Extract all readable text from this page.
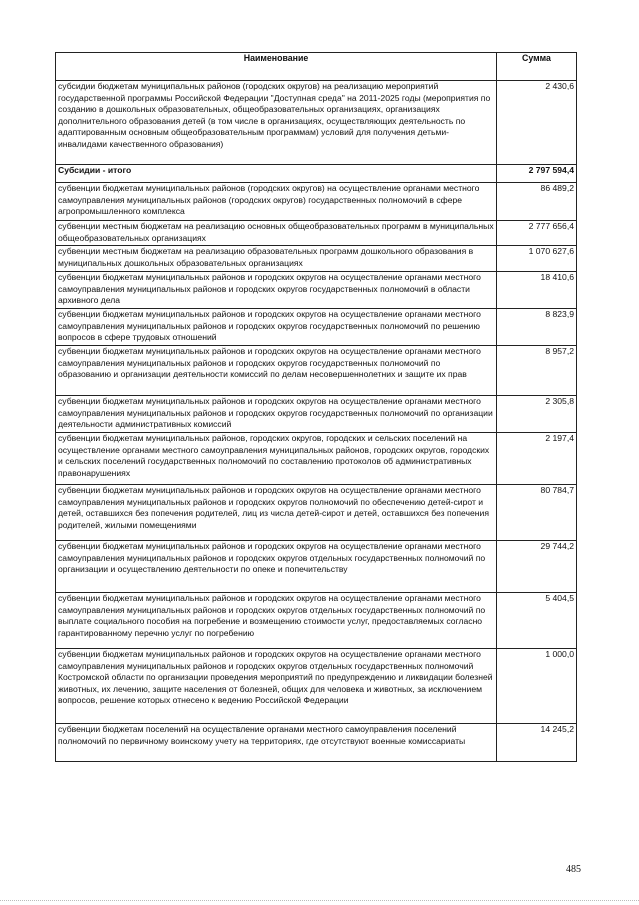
Наименование	Сумма
субсидии бюджетам муниципальных районов (городских округов) на реализацию мероприятий государственной программы Российской Федерации "Доступная среда" на 2011-2025 годы (мероприятия по созданию в дошкольных образовательных, общеобразовательных организациях, организациях дополнительного образования детей (в том числе в организациях, осуществляющих деятельность по адаптированным основным общеобразовательным программам) условий для получения детьми-инвалидами качественного образования)	2 430,6
Субсидии - итого	2 797 594,4
субвенции бюджетам муниципальных районов (городских округов) на осуществление органами местного самоуправления муниципальных районов (городских округов) государственных полномочий в сфере агропромышленного комплекса	86 489,2
субвенции местным бюджетам на реализацию основных общеобразовательных программ в муниципальных общеобразовательных организациях	2 777 656,4
субвенции местным бюджетам на реализацию образовательных программ дошкольного образования в муниципальных дошкольных образовательных организациях	1 070 627,6
субвенции бюджетам муниципальных районов и городских округов на осуществление органами местного самоуправления муниципальных районов и городских округов государственных полномочий в области архивного дела	18 410,6
субвенции бюджетам муниципальных районов и городских округов на осуществление органами местного самоуправления муниципальных районов и городских округов государственных полномочий по решению вопросов в сфере трудовых отношений	8 823,9
субвенции бюджетам муниципальных районов и городских округов на осуществление органами местного самоуправления муниципальных районов и городских округов государственных полномочий по образованию и организации деятельности комиссий по делам несовершеннолетних и защите их прав	8 957,2
субвенции бюджетам муниципальных районов и городских округов на осуществление органами местного самоуправления муниципальных районов и городских округов государственных полномочий по организации деятельности административных комиссий	2 305,8
субвенции бюджетам муниципальных районов, городских округов, городских и сельских поселений на осуществление органами местного самоуправления муниципальных районов, городских округов, городских и сельских поселений государственных полномочий по составлению протоколов об административных правонарушениях	2 197,4
субвенции бюджетам муниципальных районов и городских округов на осуществление органами местного самоуправления муниципальных районов и городских округов полномочий по обеспечению детей-сирот и детей, оставшихся без попечения родителей, лиц из числа детей-сирот и детей, оставшихся без попечения родителей, жилыми помещениями	80 784,7
субвенции бюджетам муниципальных районов и городских округов на осуществление органами местного самоуправления муниципальных районов и городских округов отдельных государственных полномочий по организации и осуществлению деятельности по опеке и попечительству	29 744,2
субвенции бюджетам муниципальных районов и городских округов на осуществление органами местного самоуправления муниципальных районов и городских округов отдельных государственных полномочий по выплате социального пособия на погребение и возмещению стоимости услуг, предоставляемых согласно гарантированному перечню услуг по погребению	5 404,5
субвенции бюджетам муниципальных районов и городских округов на осуществление органами местного самоуправления муниципальных районов и городских округов отдельных государственных полномочий Костромской области по организации проведения мероприятий по предупреждению и ликвидации болезней животных, их лечению, защите населения от болезней, общих для человека и животных, за исключением вопросов, решение которых отнесено к ведению Российской Федерации	1 000,0
субвенции бюджетам поселений на осуществление органами местного самоуправления поселений полномочий по первичному воинскому учету на территориях, где отсутствуют военные комиссариаты	14 245,2
485
